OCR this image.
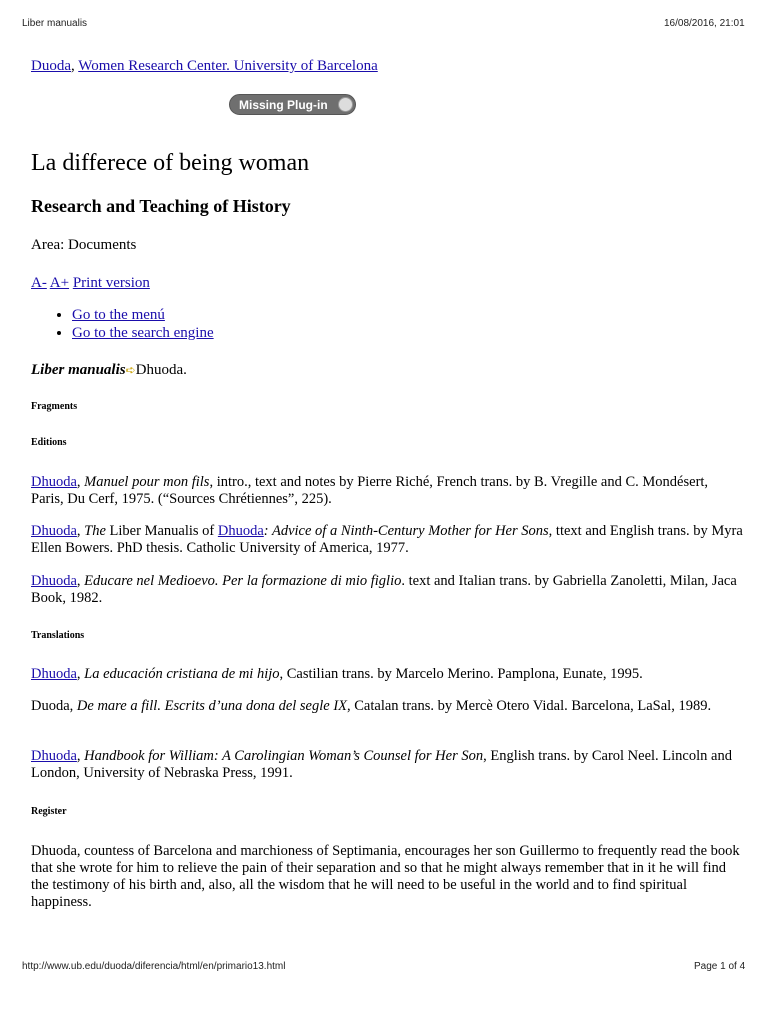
Liber manualis	16/08/2016, 21:01

Duoda, Women Research Center. University of Barcelona

Missing Plug-in
La differece of being woman
Research and Teaching of History
Area: Documents
A- A+ Print version
• Go to the menú
• Go to the search engine
Liber manualis➪Dhuoda.
Fragments
Editions
Dhuoda, Manuel pour mon fils, intro., text and notes by Pierre Riché, French trans. by B. Vregille and C. Mondésert, Paris, Du Cerf, 1975. (“Sources Chrétiennes”, 225).
Dhuoda, The Liber Manualis of Dhuoda: Advice of a Ninth-Century Mother for Her Sons, ttext and English trans. by Myra Ellen Bowers. PhD thesis. Catholic University of America, 1977.
Dhuoda, Educare nel Medioevo. Per la formazione di mio figlio. text and Italian trans. by Gabriella Zanoletti, Milan, Jaca Book, 1982.
Translations
Dhuoda, La educación cristiana de mi hijo, Castilian trans. by Marcelo Merino. Pamplona, Eunate, 1995.
Duoda, De mare a fill. Escrits d’una dona del segle IX, Catalan trans. by Mercè Otero Vidal. Barcelona, LaSal, 1989.
Dhuoda, Handbook for William: A Carolingian Woman’s Counsel for Her Son, English trans. by Carol Neel. Lincoln and London, University of Nebraska Press, 1991.
Register
Dhuoda, countess of Barcelona and marchioness of Septimania, encourages her son Guillermo to frequently read the book that she wrote for him to relieve the pain of their separation and so that he might always remember that in it he will find the testimony of his birth and, also, all the wisdom that he will need to be useful in the world and to find spiritual happiness.
http://www.ub.edu/duoda/diferencia/html/en/primario13.html	Page 1 of 4
